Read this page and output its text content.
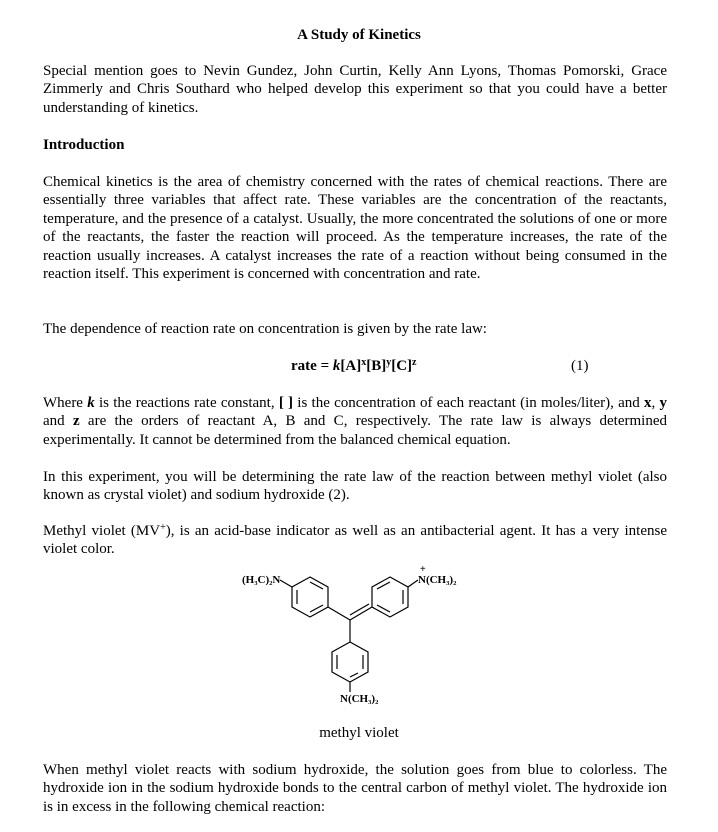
A Study of Kinetics

Special mention goes to Nevin Gundez, John Curtin, Kelly Ann Lyons, Thomas Pomorski, Grace Zimmerly and Chris Southard who helped develop this experiment so that you could have a better understanding of kinetics.

Introduction

Chemical kinetics is the area of chemistry concerned with the rates of chemical reactions. There are essentially three variables that affect rate. These variables are the concentration of the reactants, temperature, and the presence of a catalyst. Usually, the more concentrated the solutions of one or more of the reactants, the faster the reaction will proceed. As the temperature increases, the rate of the reaction usually increases. A catalyst increases the rate of a reaction without being consumed in the reaction itself. This experiment is concerned with concentration and rate.

The dependence of reaction rate on concentration is given by the rate law:

rate = $k[A]^x[B]^y[C]^z$	(1)

Where k is the reactions rate constant, [ ] is the concentration of each reactant (in moles/liter), and x, y and z are the orders of reactant A, B and C, respectively. The rate law is always determined experimentally. It cannot be determined from the balanced chemical equation.

In this experiment, you will be determining the rate law of the reaction between methyl violet (also known as crystal violet) and sodium hydroxide (2).

Methyl violet (MV+), is an acid-base indicator as well as an antibacterial agent. It has a very intense violet color.

(H₃C)₂N	N(CH₃)₂
+
N(CH₃)₂
methyl violet

When methyl violet reacts with sodium hydroxide, the solution goes from blue to colorless. The hydroxide ion in the sodium hydroxide bonds to the central carbon of methyl violet. The hydroxide ion is in excess in the following chemical reaction:
